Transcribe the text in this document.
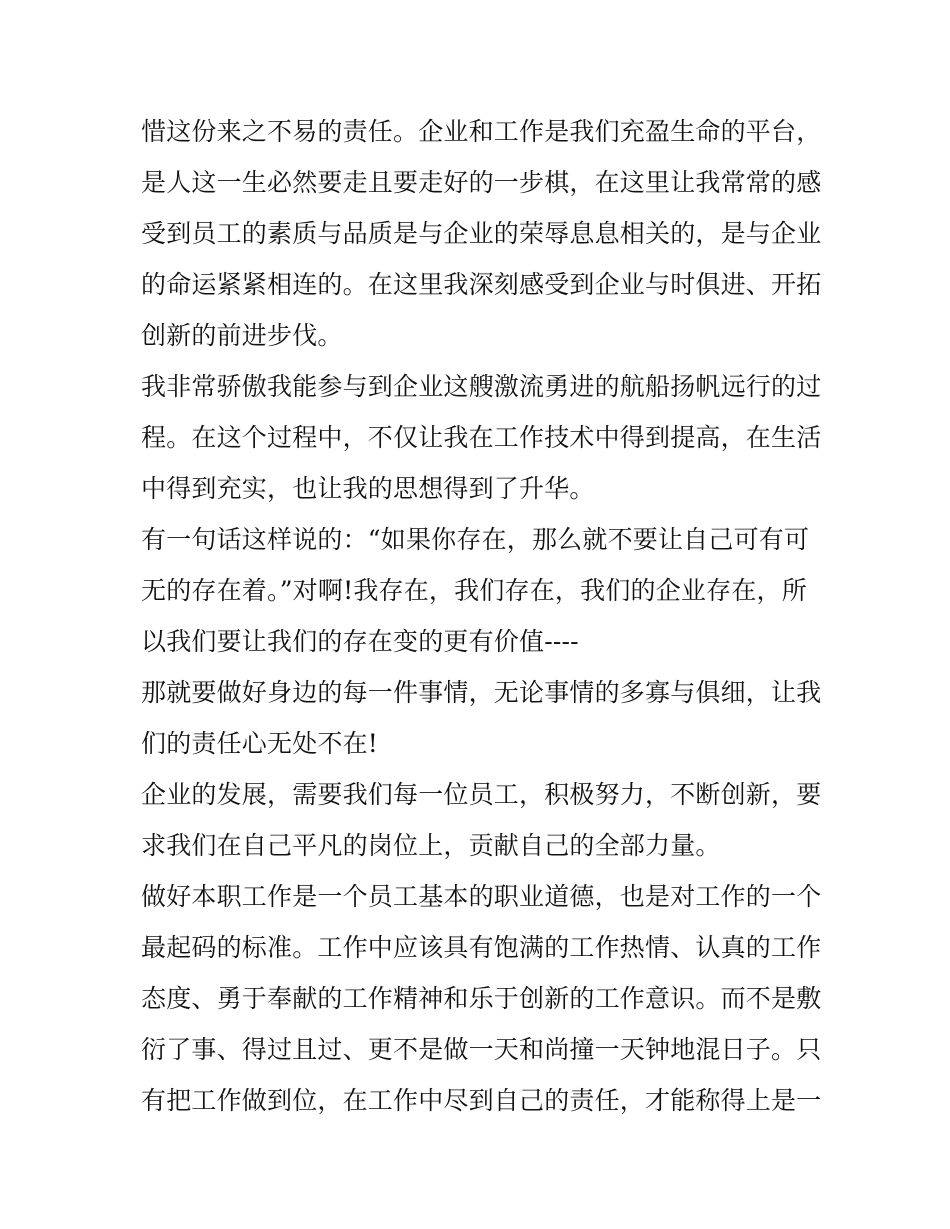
惜这份来之不易的责任。企业和工作是我们充盈生命的平台，
是人这一生必然要走且要走好的一步棋，在这里让我常常的感
受到员工的素质与品质是与企业的荣辱息息相关的，是与企业
的命运紧紧相连的。在这里我深刻感受到企业与时俱进、开拓
创新的前进步伐。
我非常骄傲我能参与到企业这艘激流勇进的航船扬帆远行的过
程。在这个过程中，不仅让我在工作技术中得到提高，在生活
中得到充实，也让我的思想得到了升华。
有一句话这样说的：“如果你存在，那么就不要让自己可有可
无的存在着。”对啊!我存在，我们存在，我们的企业存在，所
以我们要让我们的存在变的更有价值----
那就要做好身边的每一件事情，无论事情的多寡与俱细，让我
们的责任心无处不在!
企业的发展，需要我们每一位员工，积极努力，不断创新，要
求我们在自己平凡的岗位上，贡献自己的全部力量。
做好本职工作是一个员工基本的职业道德，也是对工作的一个
最起码的标准。工作中应该具有饱满的工作热情、认真的工作
态度、勇于奉献的工作精神和乐于创新的工作意识。而不是敷
衍了事、得过且过、更不是做一天和尚撞一天钟地混日子。只
有把工作做到位，在工作中尽到自己的责任，才能称得上是一
